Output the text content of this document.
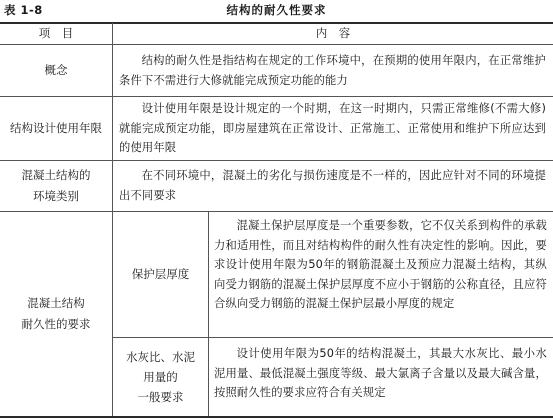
表 1-8	结构的耐久性要求
项　目	内　容
概念
结构的耐久性是指结构在规定的工作环境中，在预期的使用年限内，在正常维护条件下不需进行大修就能完成预定功能的能力
结构设计使用年限
设计使用年限是设计规定的一个时期，在这一时期内，只需正常维修(不需大修)就能完成预定功能，即房屋建筑在正常设计、正常施工、正常使用和维护下所应达到的使用年限
混凝土结构的
环境类别
在不同环境中，混凝土的劣化与损伤速度是不一样的，因此应针对不同的环境提出不同要求
混凝土结构
耐久性的要求
保护层厚度
混凝土保护层厚度是一个重要参数，它不仅关系到构件的承载力和适用性，而且对结构构件的耐久性有决定性的影响。因此，要求设计使用年限为50年的钢筋混凝土及预应力混凝土结构，其纵向受力钢筋的混凝土保护层厚度不应小于钢筋的公称直径，且应符合纵向受力钢筋的混凝土保护层最小厚度的规定
水灰比、水泥
用量的
一般要求
设计使用年限为50年的结构混凝土，其最大水灰比、最小水泥用量、最低混凝土强度等级、最大氯离子含量以及最大碱含量，按照耐久性的要求应符合有关规定
